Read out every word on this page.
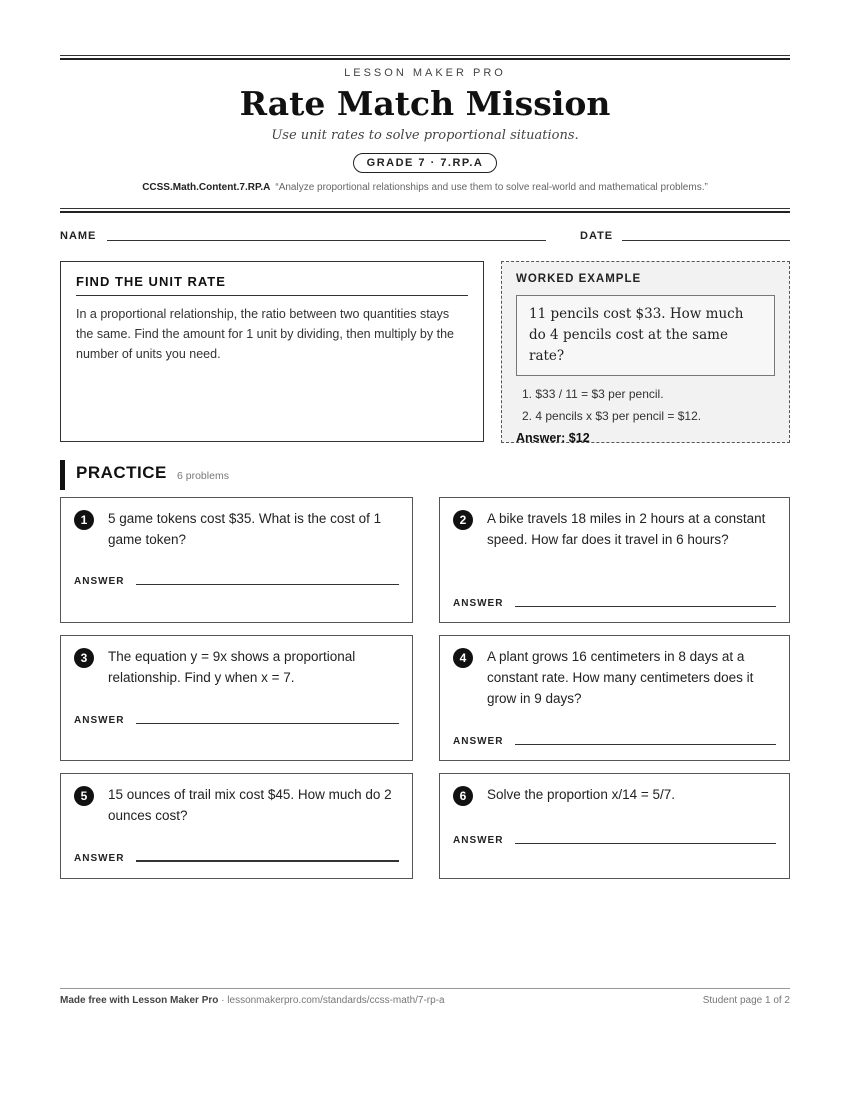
LESSON MAKER PRO
Rate Match Mission
Use unit rates to solve proportional situations.
GRADE 7 · 7.RP.A
CCSS.Math.Content.7.RP.A “Analyze proportional relationships and use them to solve real-world and mathematical problems.”
NAME	DATE
FIND THE UNIT RATE

In a proportional relationship, the ratio between two quantities stays the same. Find the amount for 1 unit by dividing, then multiply by the number of units you need.

WORKED EXAMPLE
11 pencils cost $33. How much do 4 pencils cost at the same rate?
1. $33 / 11 = $3 per pencil.
2. 4 pencils x $3 per pencil = $12.
Answer: $12
PRACTICE 6 problems
1	5 game tokens cost $35. What is the cost of 1 game token?
ANSWER
2	A bike travels 18 miles in 2 hours at a constant speed. How far does it travel in 6 hours?
ANSWER
3	The equation y = 9x shows a proportional relationship. Find y when x = 7.
ANSWER
4	A plant grows 16 centimeters in 8 days at a constant rate. How many centimeters does it grow in 9 days?
ANSWER
5	15 ounces of trail mix cost $45. How much do 2 ounces cost?
ANSWER
6	Solve the proportion x/14 = 5/7.
ANSWER
Made free with Lesson Maker Pro · lessonmakerpro.com/standards/ccss-math/7-rp-a	Student page 1 of 2
